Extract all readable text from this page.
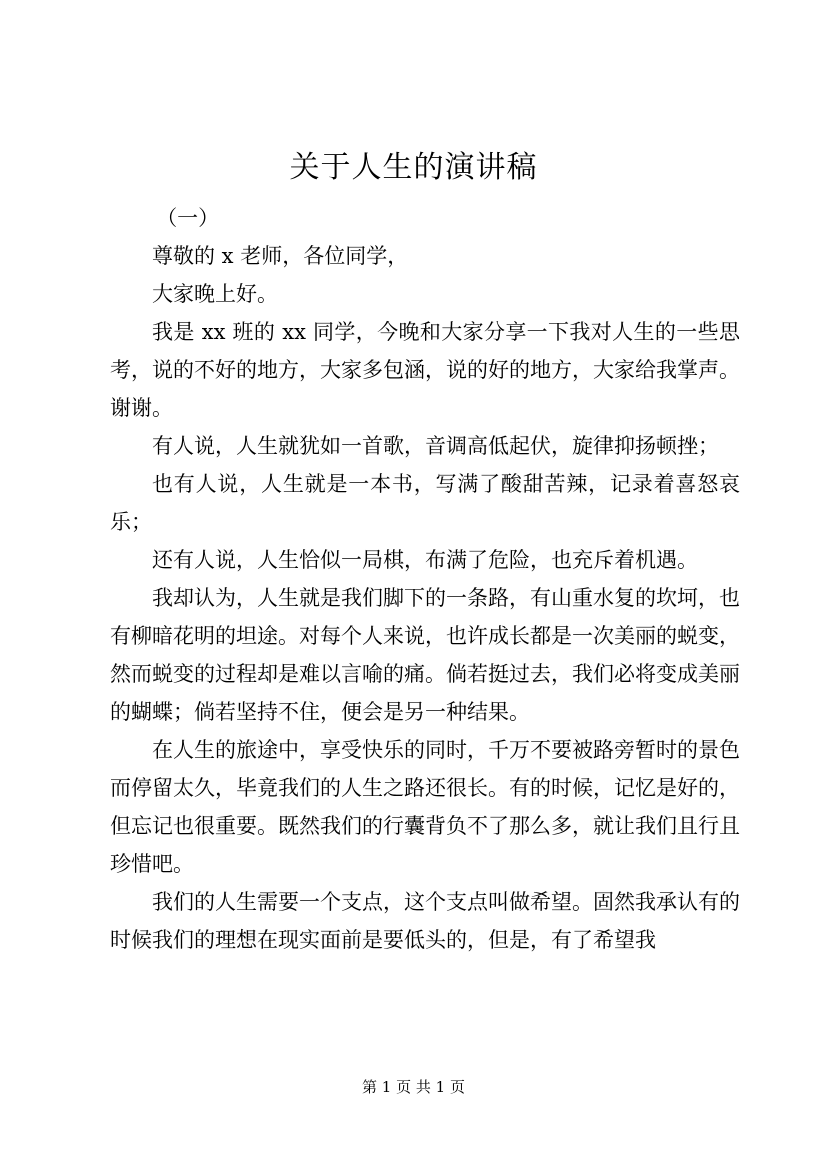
关于人生的演讲稿

（一）

尊敬的 x 老师，各位同学，

大家晚上好。

我是 xx 班的 xx 同学，今晚和大家分享一下我对人生的一些思考，说的不好的地方，大家多包涵，说的好的地方，大家给我掌声。谢谢。

有人说，人生就犹如一首歌，音调高低起伏，旋律抑扬顿挫；

也有人说，人生就是一本书，写满了酸甜苦辣，记录着喜怒哀乐；

还有人说，人生恰似一局棋，布满了危险，也充斥着机遇。

我却认为，人生就是我们脚下的一条路，有山重水复的坎坷，也有柳暗花明的坦途。对每个人来说，也许成长都是一次美丽的蜕变，然而蜕变的过程却是难以言喻的痛。倘若挺过去，我们必将变成美丽的蝴蝶；倘若坚持不住，便会是另一种结果。

在人生的旅途中，享受快乐的同时，千万不要被路旁暂时的景色而停留太久，毕竟我们的人生之路还很长。有的时候，记忆是好的，但忘记也很重要。既然我们的行囊背负不了那么多，就让我们且行且珍惜吧。

我们的人生需要一个支点，这个支点叫做希望。固然我承认有的时候我们的理想在现实面前是要低头的，但是，有了希望我

第 1 页 共 1 页
